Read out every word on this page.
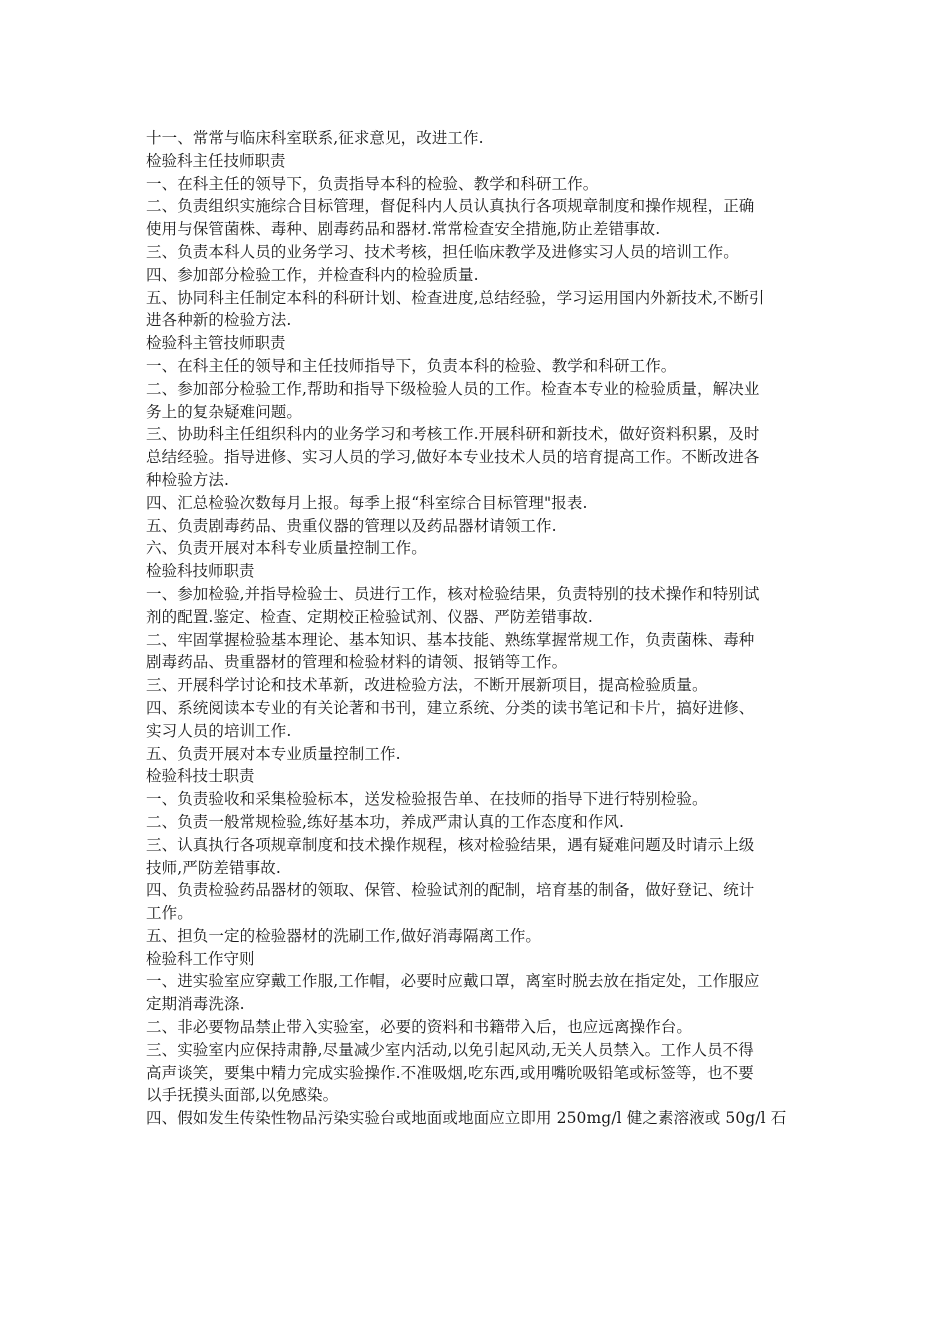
十一、常常与临床科室联系,征求意见，改进工作.
检验科主任技师职责
一、在科主任的领导下，负责指导本科的检验、教学和科研工作。
二、负责组织实施综合目标管理，督促科内人员认真执行各项规章制度和操作规程，正确
使用与保管菌株、毒种、剧毒药品和器材.常常检查安全措施,防止差错事故.
三、负责本科人员的业务学习、技术考核，担任临床教学及进修实习人员的培训工作。
四、参加部分检验工作，并检查科内的检验质量.
五、协同科主任制定本科的科研计划、检查进度,总结经验，学习运用国内外新技术,不断引
进各种新的检验方法.
检验科主管技师职责
一、在科主任的领导和主任技师指导下，负责本科的检验、教学和科研工作。
二、参加部分检验工作,帮助和指导下级检验人员的工作。检查本专业的检验质量，解决业
务上的复杂疑难问题。
三、协助科主任组织科内的业务学习和考核工作.开展科研和新技术，做好资料积累，及时
总结经验。指导进修、实习人员的学习,做好本专业技术人员的培育提高工作。不断改进各
种检验方法.
四、汇总检验次数每月上报。每季上报“科室综合目标管理"报表.
五、负责剧毒药品、贵重仪器的管理以及药品器材请领工作.
六、负责开展对本科专业质量控制工作。
检验科技师职责
一、参加检验,并指导检验士、员进行工作，核对检验结果，负责特别的技术操作和特别试
剂的配置.鉴定、检查、定期校正检验试剂、仪器、严防差错事故.
二、牢固掌握检验基本理论、基本知识、基本技能、熟练掌握常规工作，负责菌株、毒种
剧毒药品、贵重器材的管理和检验材料的请领、报销等工作。
三、开展科学讨论和技术革新，改进检验方法，不断开展新项目，提高检验质量。
四、系统阅读本专业的有关论著和书刊，建立系统、分类的读书笔记和卡片，搞好进修、
实习人员的培训工作.
五、负责开展对本专业质量控制工作.
检验科技士职责
一、负责验收和采集检验标本，送发检验报告单、在技师的指导下进行特别检验。
二、负责一般常规检验,练好基本功，养成严肃认真的工作态度和作风.
三、认真执行各项规章制度和技术操作规程，核对检验结果，遇有疑难问题及时请示上级
技师,严防差错事故.
四、负责检验药品器材的领取、保管、检验试剂的配制，培育基的制备，做好登记、统计
工作。
五、担负一定的检验器材的洗刷工作,做好消毒隔离工作。
检验科工作守则
一、进实验室应穿戴工作服,工作帽，必要时应戴口罩，离室时脱去放在指定处，工作服应
定期消毒洗涤.
二、非必要物品禁止带入实验室，必要的资料和书籍带入后，也应远离操作台。
三、实验室内应保持肃静,尽量减少室内活动,以免引起风动,无关人员禁入。工作人员不得
高声谈笑，要集中精力完成实验操作.不准吸烟,吃东西,或用嘴吮吸铅笔或标签等，也不要
以手抚摸头面部,以免感染。
四、假如发生传染性物品污染实验台或地面或地面应立即用 250mg/l 健之素溶液或 50g/l 石
